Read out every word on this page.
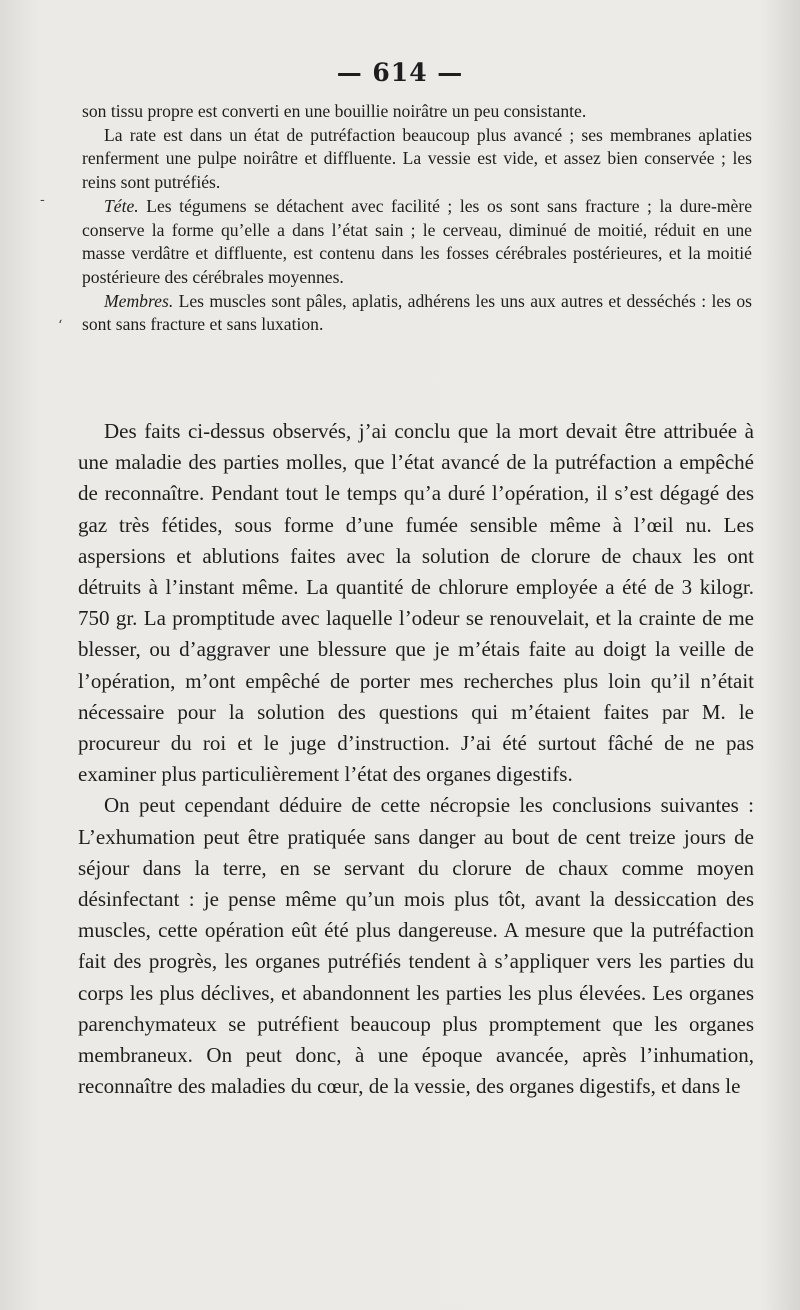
— 614 —
-
‘

son tissu propre est converti en une bouillie noirâtre un peu consistante.

La rate est dans un état de putréfaction beaucoup plus avancé ; ses membranes aplaties renferment une pulpe noirâtre et diffluente. La vessie est vide, et assez bien conservée ; les reins sont putréfiés.

Téte. Les tégumens se détachent avec facilité ; les os sont sans fracture ; la dure-mère conserve la forme qu’elle a dans l’état sain ; le cerveau, diminué de moitié, réduit en une masse verdâtre et diffluente, est contenu dans les fosses cérébrales postérieures, et la moitié postérieure des cérébrales moyennes.

Membres. Les muscles sont pâles, aplatis, adhérens les uns aux autres et desséchés : les os sont sans fracture et sans luxation.

Des faits ci-dessus observés, j’ai conclu que la mort devait être attribuée à une maladie des parties molles, que l’état avancé de la putréfaction a empêché de reconnaître. Pendant tout le temps qu’a duré l’opération, il s’est dégagé des gaz très fétides, sous forme d’une fumée sensible même à l’œil nu. Les aspersions et ablutions faites avec la solution de clorure de chaux les ont détruits à l’instant même. La quantité de chlorure employée a été de 3 kilogr. 750 gr. La promptitude avec laquelle l’odeur se renouvelait, et la crainte de me blesser, ou d’aggraver une blessure que je m’étais faite au doigt la veille de l’opération, m’ont empêché de porter mes recherches plus loin qu’il n’était nécessaire pour la solution des questions qui m’étaient faites par M. le procureur du roi et le juge d’instruction. J’ai été surtout fâché de ne pas examiner plus particulièrement l’état des organes digestifs.

On peut cependant déduire de cette nécropsie les conclusions suivantes : L’exhumation peut être pratiquée sans danger au bout de cent treize jours de séjour dans la terre, en se servant du clorure de chaux comme moyen désinfectant : je pense même qu’un mois plus tôt, avant la dessiccation des muscles, cette opération eût été plus dangereuse. A mesure que la putréfaction fait des progrès, les organes putréfiés tendent à s’appliquer vers les parties du corps les plus déclives, et abandonnent les parties les plus élevées. Les organes parenchymateux se putréfient beaucoup plus promptement que les organes membraneux. On peut donc, à une époque avancée, après l’inhumation, reconnaître des maladies du cœur, de la vessie, des organes digestifs, et dans le
